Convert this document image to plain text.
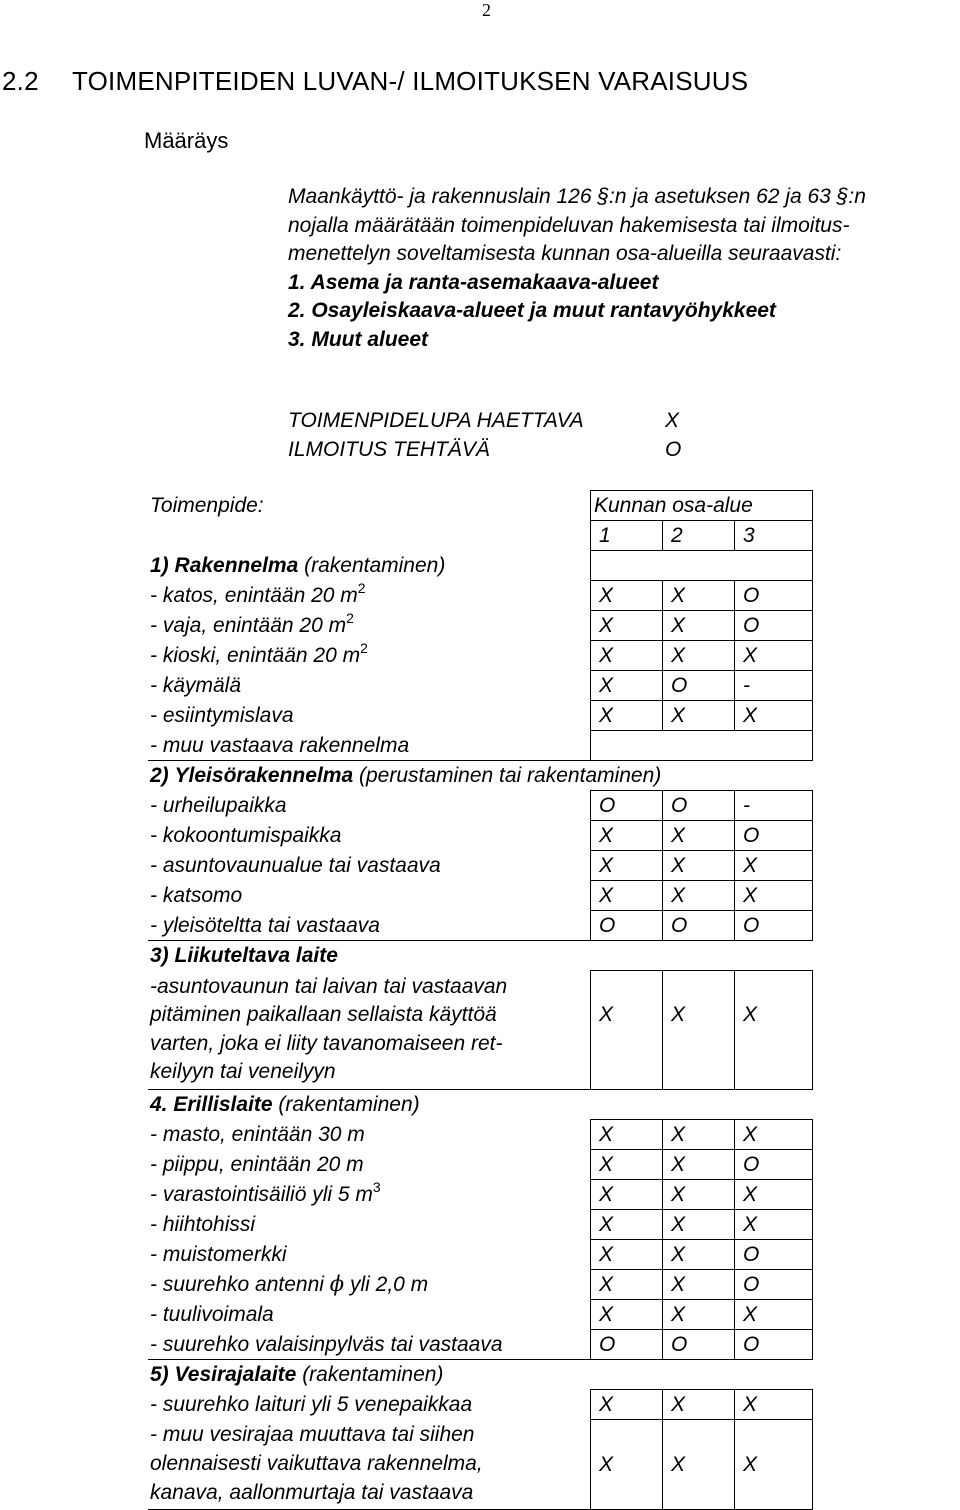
2
2.2 TOIMENPITEIDEN LUVAN-/ ILMOITUKSEN VARAISUUS
Määräys
Maankäyttö- ja rakennuslain 126 §:n ja asetuksen 62 ja 63 §:n
nojalla määrätään toimenpideluvan hakemisesta tai ilmoitus-
menettelyn soveltamisesta kunnan osa-alueilla seuraavasti:
1. Asema ja ranta-asemakaava-alueet
2. Osayleiskaava-alueet ja muut rantavyöhykkeet
3. Muut alueet
TOIMENPIDELUPA HAETTAVA	X
ILMOITUS TEHTÄVÄ	O
Toimenpide:	Kunnan osa-alue		
	1	2	3
1) Rakennelma (rakentaminen)			
- katos, enintään 20 $m^2$	X	X	O
- vaja, enintään 20 $m^2$	X	X	O
- kioski, enintään 20 $m^2$	X	X	X
- käymälä	X	O	-
- esiintymislava	X	X	X
- muu vastaava rakennelma			
2) Yleisörakennelma (perustaminen tai rakentaminen)			
- urheilupaikka	O	O	-
- kokoontumispaikka	X	X	O
- asuntovaunualue tai vastaava	X	X	X
- katsomo	X	X	X
- yleisöteltta tai vastaava	O	O	O
3) Liikuteltava laite			

-asuntovaunun tai laivan tai vastaavan
pitäminen paikallaan sellaista käyttöä
varten, joka ei liity tavanomaiseen ret-
keilyyn tai veneilyyn	X	X	X
4. Erillislaite (rakentaminen)			
- masto, enintään 30 m	X	X	X
- piippu, enintään 20 m	X	X	O
- varastointisäiliö yli 5 $m^3$	X	X	X
- hiihtohissi	X	X	X
- muistomerkki	X	X	O
- suurehko antenni ϕ yli 2,0 m	X	X	O
- tuulivoimala	X	X	X
- suurehko valaisinpylväs tai vastaava	O	O	O
5) Vesirajalaite (rakentaminen)			
- suurehko laituri yli 5 venepaikkaa	X	X	X

- muu vesirajaa muuttava tai siihen
olennaisesti vaikuttava rakennelma,
kanava, aallonmurtaja tai vastaava	X	X	X
